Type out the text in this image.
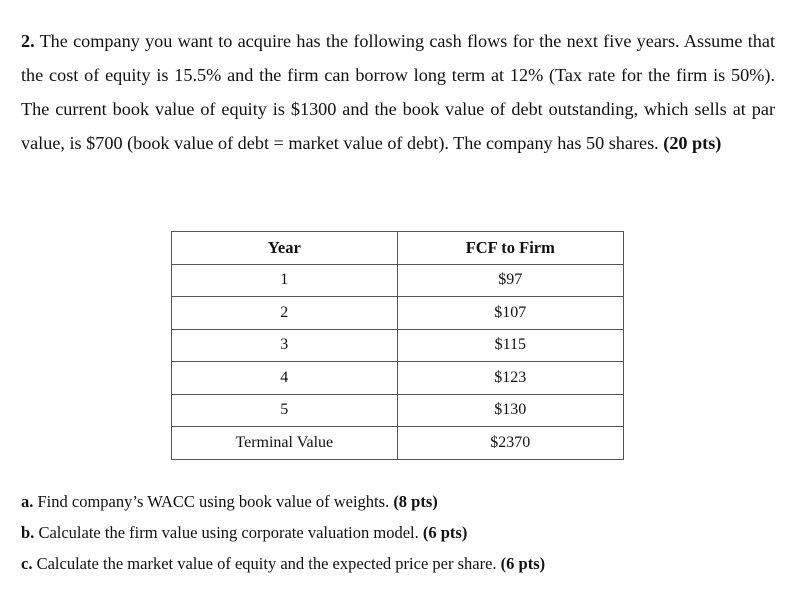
2. The company you want to acquire has the following cash flows for the next five years. Assume that the cost of equity is 15.5% and the firm can borrow long term at 12% (Tax rate for the firm is 50%). The current book value of equity is $1300 and the book value of debt outstanding, which sells at par value, is $700 (book value of debt = market value of debt). The company has 50 shares. (20 pts)
Year	FCF to Firm
1	$97
2	$107
3	$115
4	$123
5	$130
Terminal Value	$2370
a. Find company’s WACC using book value of weights. (8 pts)
b. Calculate the firm value using corporate valuation model. (6 pts)
c. Calculate the market value of equity and the expected price per share. (6 pts)
